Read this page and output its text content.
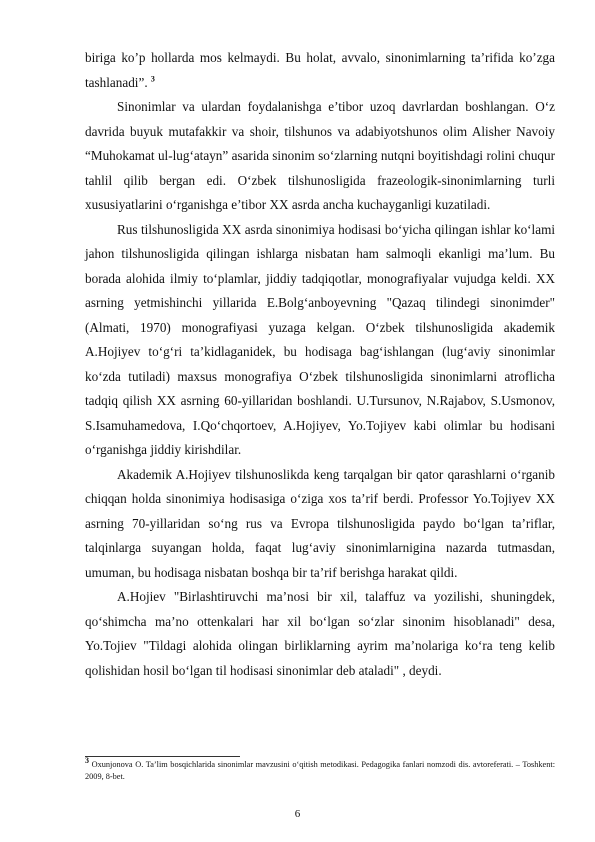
biriga ko’p hollarda mos kelmaydi. Bu holat, avvalo, sinonimlarning ta’rifida ko’zga tashlanadi”. $^3$

Sinonimlar va ulardan foydalanishga e’tibor uzoq davrlardan boshlangan. O‘z davrida buyuk mutafakkir va shoir, tilshunos va adabiyotshunos olim Alisher Navoiy “Muhokamat ul-lug‘atayn” asarida sinonim so‘zlarning nutqni boyitishdagi rolini chuqur tahlil qilib bergan edi. O‘zbek tilshunosligida frazeologik-sinonimlarning turli xususiyatlarini o‘rganishga e’tibor XX asrda ancha kuchayganligi kuzatiladi.

Rus tilshunosligida XX asrda sinonimiya hodisasi bo‘yicha qilingan ishlar ko‘lami jahon tilshunosligida qilingan ishlarga nisbatan ham salmoqli ekanligi ma’lum. Bu borada alohida ilmiy to‘plamlar, jiddiy tadqiqotlar, monografiyalar vujudga keldi. XX asrning yetmishinchi yillarida E.Bolg‘anboyevning "Qazaq tilindegi sinonimder" (Almati, 1970) monografiyasi yuzaga kelgan. O‘zbek tilshunosligida akademik A.Hojiyev to‘g‘ri ta’kidlaganidek, bu hodisaga bag‘ishlangan (lug‘aviy sinonimlar ko‘zda tutiladi) maxsus monografiya O‘zbek tilshunosligida sinonimlarni atroflicha tadqiq qilish XX asrning 60-yillaridan boshlandi. U.Tursunov, N.Rajabov, S.Usmonov, S.Isamuhamedova, I.Qo‘chqortoev, A.Hojiyev, Yo.Tojiyev kabi olimlar bu hodisani o‘rganishga jiddiy kirishdilar.

Akademik A.Hojiyev tilshunoslikda keng tarqalgan bir qator qarashlarni o‘rganib chiqqan holda sinonimiya hodisasiga o‘ziga xos ta’rif berdi. Professor Yo.Tojiyev XX asrning 70-yillaridan so‘ng rus va Evropa tilshunosligida paydo bo‘lgan ta’riflar, talqinlarga suyangan holda, faqat lug‘aviy sinonimlarnigina nazarda tutmasdan, umuman, bu hodisaga nisbatan boshqa bir ta’rif berishga harakat qildi.

A.Hojiev "Birlashtiruvchi ma’nosi bir xil, talaffuz va yozilishi, shuningdek, qo‘shimcha ma’no ottenkalari har xil bo‘lgan so‘zlar sinonim hisoblanadi" desa, Yo.Tojiev "Tildagi alohida olingan birliklarning ayrim ma’nolariga ko‘ra teng kelib qolishidan hosil bo‘lgan til hodisasi sinonimlar deb ataladi" , deydi.

3 Oxunjonova O. Ta’lim bosqichlarida sinonimlar mavzusini o‘qitish metodikasi. Pedagogika fanlari nomzodi dis. avtoreferati. – Toshkent: 2009, 8-bet.
6
